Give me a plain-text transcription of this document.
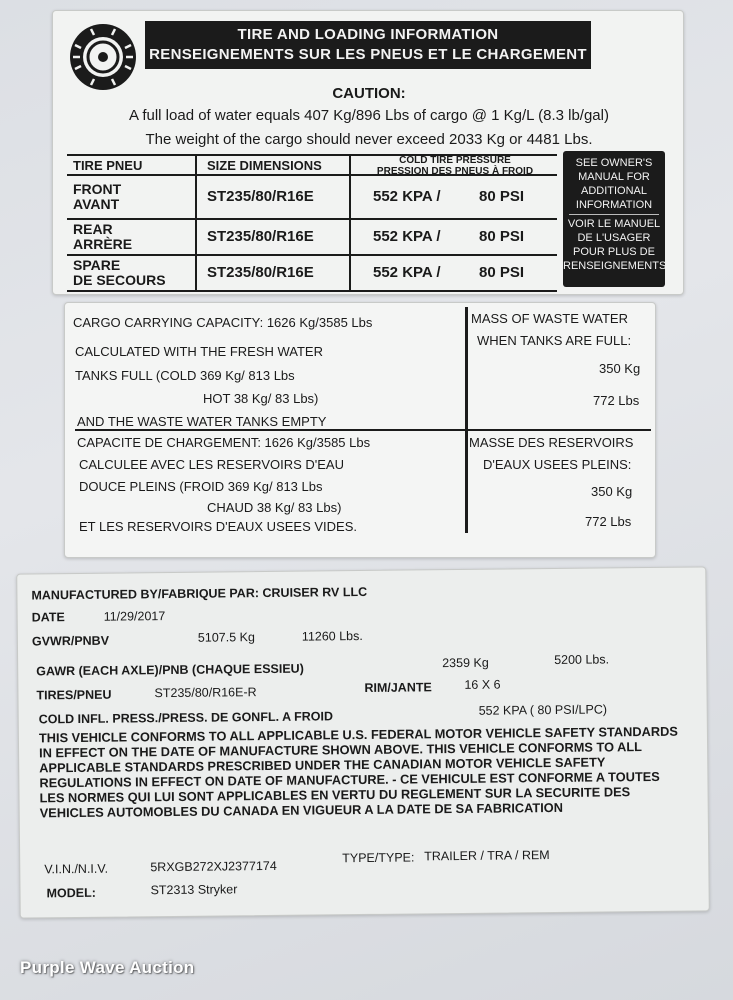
TIRE AND LOADING INFORMATION
RENSEIGNEMENTS SUR LES PNEUS ET LE CHARGEMENT
CAUTION:
A full load of water equals 407 Kg/896 Lbs of cargo @ 1 Kg/L (8.3 lb/gal)
The weight of the cargo should never exceed 2033 Kg or 4481 Lbs.
TIRE PNEU	SIZE DIMENSIONS	COLD TIRE PRESSURE
PRESSION DES PNEUS À FROID
FRONT
AVANT	ST235/80/R16E	552 KPA /	80 PSI
REAR
ARRÈRE	ST235/80/R16E	552 KPA /	80 PSI
SPARE
DE SECOURS	ST235/80/R16E	552 KPA /	80 PSI
SEE OWNER'S
MANUAL FOR
ADDITIONAL
INFORMATION
VOIR LE MANUEL
DE L'USAGER
POUR PLUS DE
RENSEIGNEMENTS
CARGO CARRYING CAPACITY: 1626 Kg/3585 Lbs
CALCULATED WITH THE FRESH WATER
TANKS FULL (COLD 369 Kg/ 813 Lbs
HOT 38 Kg/ 83 Lbs)
AND THE WASTE WATER TANKS EMPTY
MASS OF WASTE WATER
WHEN TANKS ARE FULL:
350 Kg
772 Lbs
CAPACITE DE CHARGEMENT: 1626 Kg/3585 Lbs
CALCULEE AVEC LES RESERVOIRS D'EAU
DOUCE PLEINS (FROID 369 Kg/ 813 Lbs
CHAUD 38 Kg/ 83 Lbs)
ET LES RESERVOIRS D'EAUX USEES VIDES.
MASSE DES RESERVOIRS
D'EAUX USEES PLEINS:
350 Kg
772 Lbs
MANUFACTURED BY/FABRIQUE PAR: CRUISER RV LLC
DATE	11/29/2017
GVWR/PNBV	5107.5 Kg	11260 Lbs.
GAWR (EACH AXLE)/PNB (CHAQUE ESSIEU)	2359 Kg	5200 Lbs.
TIRES/PNEU	ST235/80/R16E-R	RIM/JANTE	16 X 6
COLD INFL. PRESS./PRESS. DE GONFL. A FROID	552 KPA ( 80 PSI/LPC)
THIS VEHICLE CONFORMS TO ALL APPLICABLE U.S. FEDERAL MOTOR VEHICLE SAFETY STANDARDS IN EFFECT ON THE DATE OF MANUFACTURE SHOWN ABOVE. THIS VEHICLE CONFORMS TO ALL APPLICABLE STANDARDS PRESCRIBED UNDER THE CANADIAN MOTOR VEHICLE SAFETY REGULATIONS IN EFFECT ON DATE OF MANUFACTURE. - CE VEHICULE EST CONFORME A TOUTES LES NORMES QUI LUI SONT APPLICABLES EN VERTU DU REGLEMENT SUR LA SECURITE DES VEHICLES AUTOMOBLES DU CANADA EN VIGUEUR A LA DATE DE SA FABRICATION
V.I.N./N.I.V.	5RXGB272XJ2377174
TYPE/TYPE: TRAILER / TRA / REM
MODEL:	ST2313 Stryker
Purple Wave Auction
